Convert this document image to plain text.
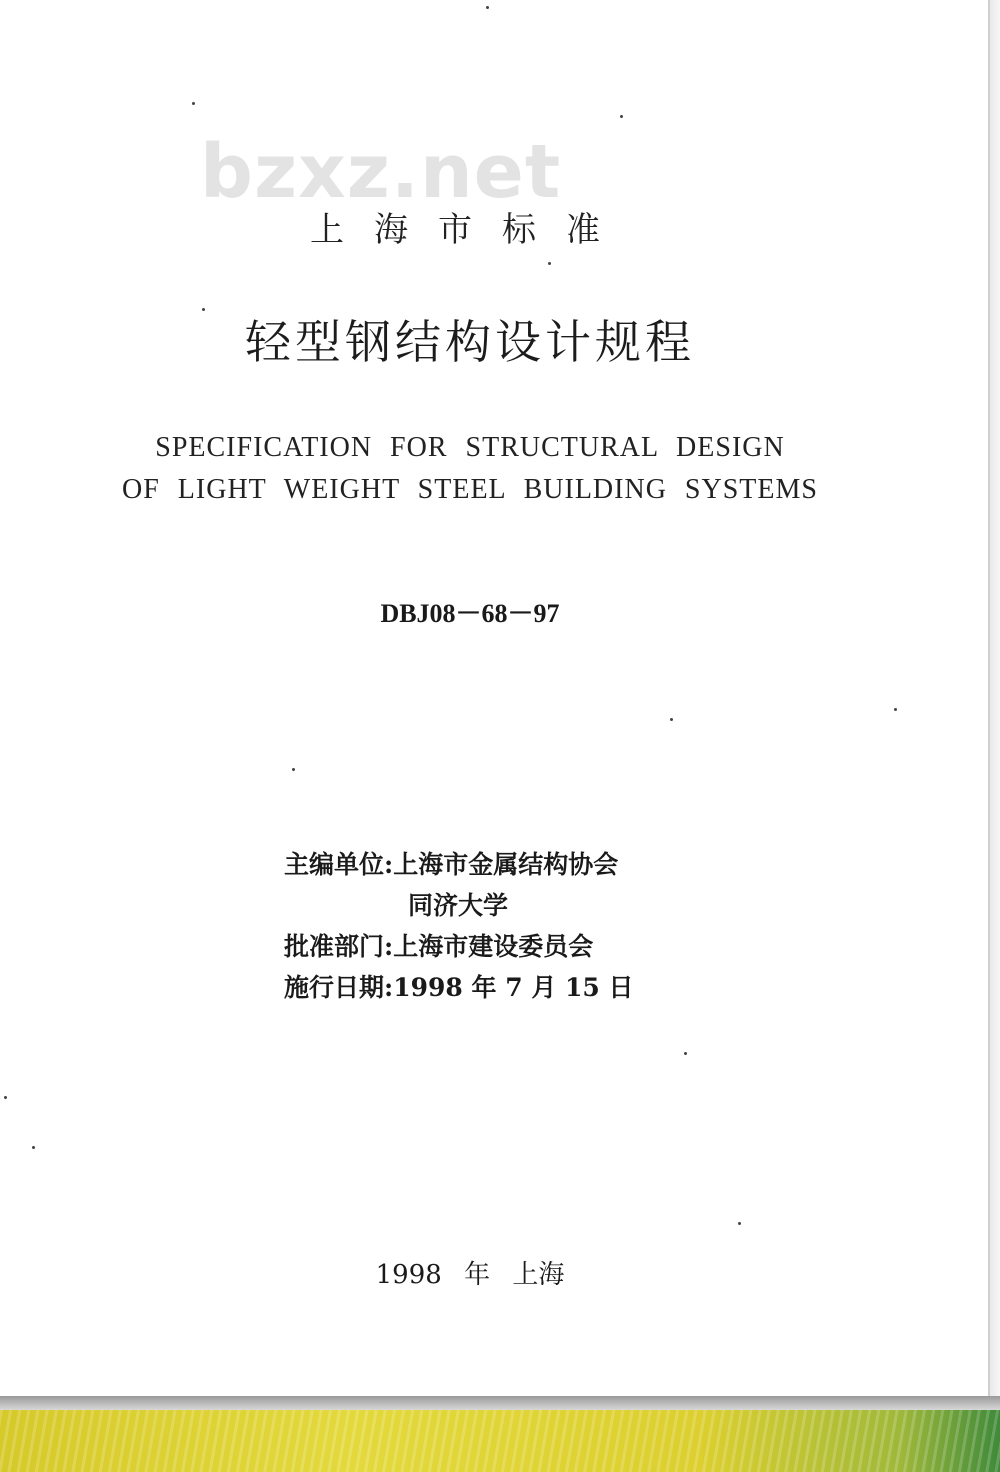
bzxz.net
上海市标准
轻型钢结构设计规程
SPECIFICATION FOR STRUCTURAL DESIGN
OF LIGHT WEIGHT STEEL BUILDING SYSTEMS
DBJ08－68－97
主编单位:上海市金属结构协会
同济大学
批准部门:上海市建设委员会
施行日期:1998 年 7 月 15 日
1998 年 上海
